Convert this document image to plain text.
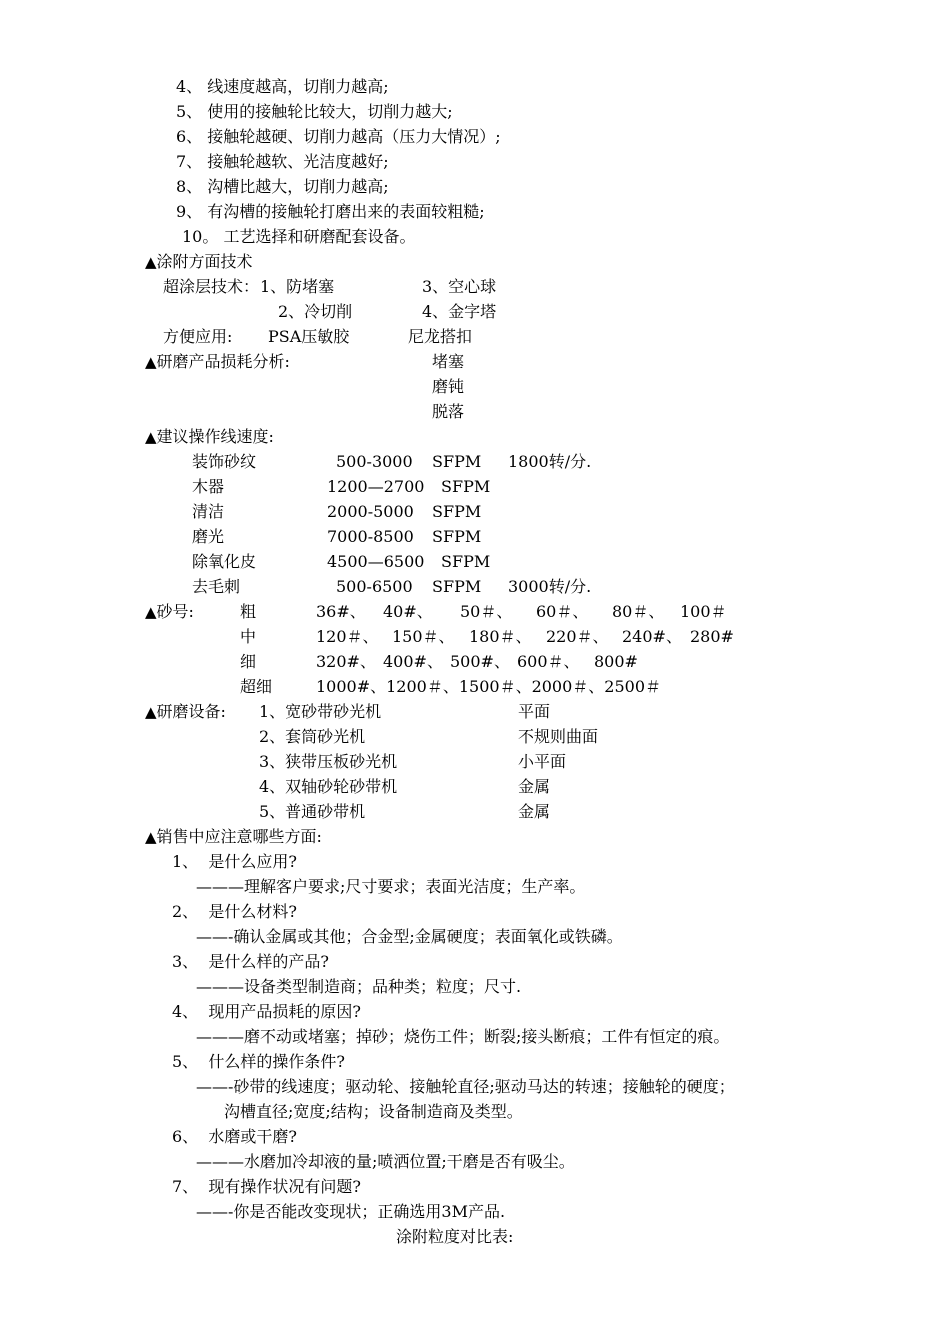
4、 线速度越高，切削力越高;
5、 使用的接触轮比较大，切削力越大;
6、 接触轮越硬、切削力越高（压力大情况）;
7、 接触轮越软、光洁度越好;
8、 沟槽比越大，切削力越高;
9、 有沟槽的接触轮打磨出来的表面较粗糙;
10。 工艺选择和研磨配套设备。
▲涂附方面技术
超涂层技术： 1、防堵塞	3、空心球
2、冷切削	4、金字塔
方便应用: PSA压敏胶	尼龙搭扣
▲研磨产品损耗分析:	堵塞
磨钝
脱落
▲建议操作线速度:
装饰砂纹	500-3000 SFPM 1800转/分.
木器	1200—2700 SFPM
清洁	2000-5000 SFPM
磨光	7000-8500 SFPM
除氧化皮	4500—6500 SFPM
去毛刺	500-6500 SFPM 3000转/分.
▲砂号:	粗	36#、 40#、 50＃、 60＃、 80＃、 100＃
中	120＃、 150＃、 180＃、 220＃、 240#、 280#
细	320#、 400#、 500#、 600＃、 800#
超细	1000#、1200＃、1500＃、2000＃、2500＃
▲研磨设备: 1、宽砂带砂光机	平面
2、套筒砂光机	不规则曲面
3、狭带压板砂光机	小平面
4、双轴砂轮砂带机	金属
5、普通砂带机	金属
▲销售中应注意哪些方面:
1、  是什么应用?
———理解客户要求;尺寸要求；表面光洁度；生产率。
2、  是什么材料?
——-确认金属或其他；合金型;金属硬度；表面氧化或铁磷。
3、  是什么样的产品?
———设备类型制造商；品种类；粒度；尺寸.
4、  现用产品损耗的原因?
———磨不动或堵塞；掉砂；烧伤工件；断裂;接头断痕；工件有恒定的痕。
5、  什么样的操作条件?
——-砂带的线速度；驱动轮、接触轮直径;驱动马达的转速；接触轮的硬度；
沟槽直径;宽度;结构；设备制造商及类型。
6、  水磨或干磨?
———水磨加冷却液的量;喷洒位置;干磨是否有吸尘。
7、  现有操作状况有问题?
——-你是否能改变现状；正确选用3M产品.
涂附粒度对比表:
